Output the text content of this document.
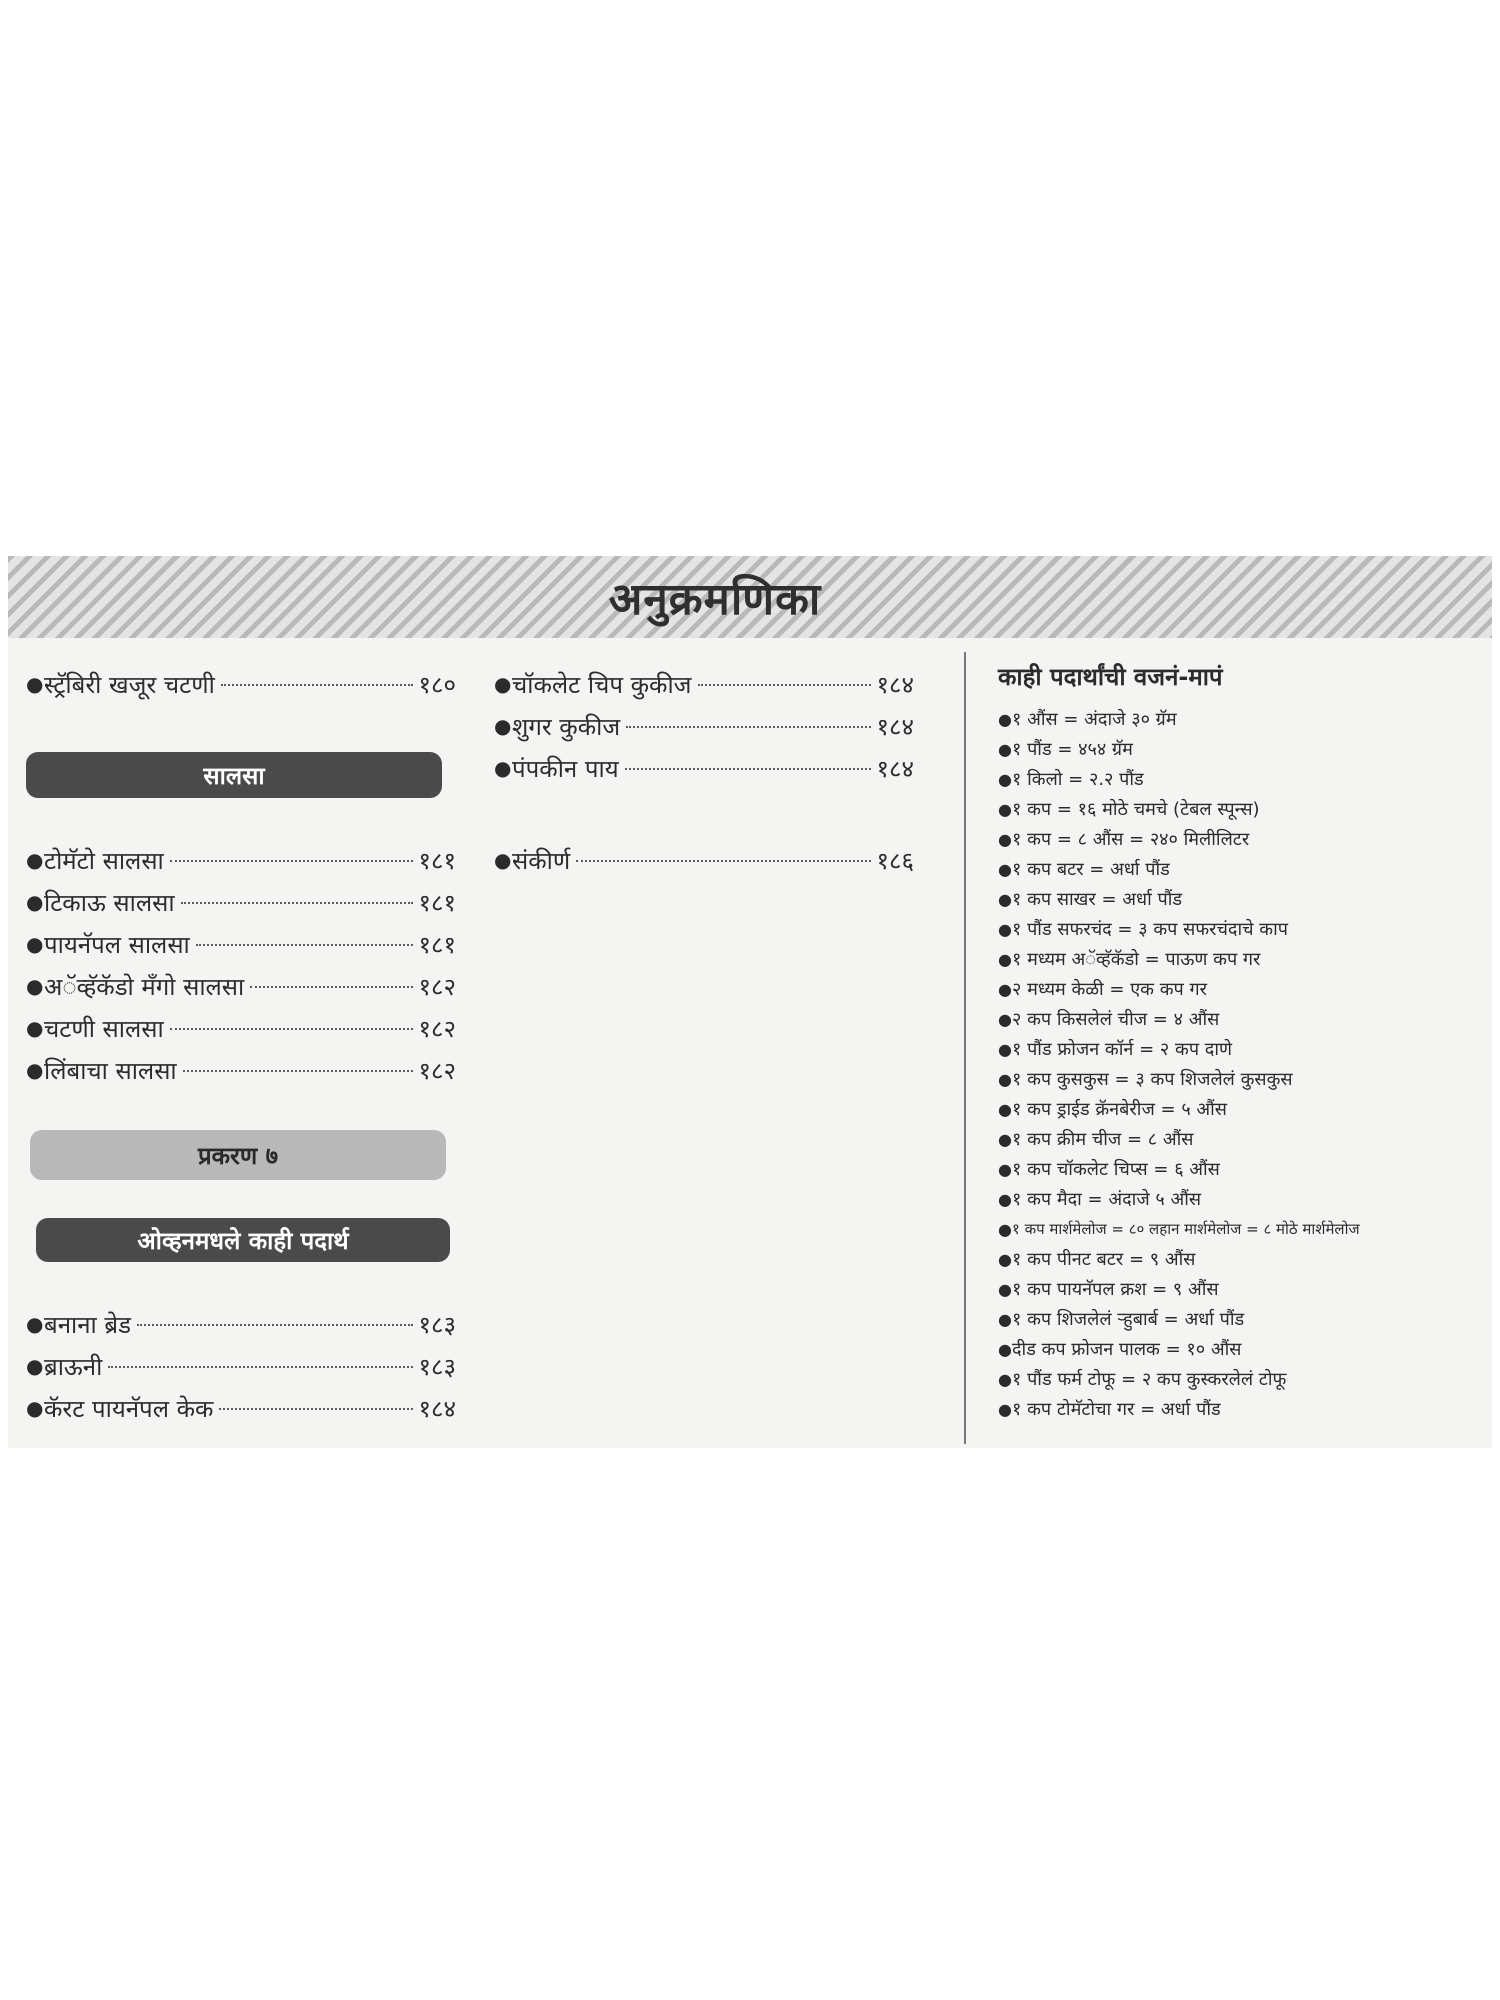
अनुक्रमणिका
● स्ट्रॅबिरी खजूर चटणी	१८०
सालसा
● टोमॅटो सालसा	१८१
● टिकाऊ सालसा	१८१
● पायनॅपल सालसा	१८१
● अॅव्हॅकॅडो मॅंगो सालसा	१८२
● चटणी सालसा	१८२
● लिंबाचा सालसा	१८२
प्रकरण ७
ओव्हनमधले काही पदार्थ
● बनाना ब्रेड	१८३
● ब्राऊनी	१८३
● कॅरट पायनॅपल केक	१८४
● चॉकलेट चिप कुकीज	१८४
● शुगर कुकीज	१८४
● पंपकीन पाय	१८४
● संकीर्ण	१८६
काही पदार्थांची वजनं-मापं
● १ औंस = अंदाजे ३० ग्रॅम
● १ पौंड = ४५४ ग्रॅम
● १ किलो = २.२ पौंड
● १ कप = १६ मोठे चमचे (टेबल स्पून्स)
● १ कप = ८ औंस = २४० मिलीलिटर
● १ कप बटर = अर्धा पौंड
● १ कप साखर = अर्धा पौंड
● १ पौंड सफरचंद = ३ कप सफरचंदाचे काप
● १ मध्यम अॅव्हॅकॅडो = पाऊण कप गर
● २ मध्यम केळी = एक कप गर
● २ कप किसलेलं चीज = ४ औंस
● १ पौंड फ्रोजन कॉर्न = २ कप दाणे
● १ कप कुसकुस = ३ कप शिजलेलं कुसकुस
● १ कप ड्राईड क्रॅनबेरीज = ५ औंस
● १ कप क्रीम चीज = ८ औंस
● १ कप चॉकलेट चिप्स = ६ औंस
● १ कप मैदा = अंदाजे ५ औंस
● १ कप मार्शमेलोज = ८० लहान मार्शमेलोज = ८ मोठे मार्शमेलोज
● १ कप पीनट बटर = ९ औंस
● १ कप पायनॅपल क्रश = ९ औंस
● १ कप शिजलेलं ऱ्हुबार्ब = अर्धा पौंड
● दीड कप फ्रोजन पालक = १० औंस
● १ पौंड फर्म टोफू = २ कप कुस्करलेलं टोफू
● १ कप टोमॅटोचा गर = अर्धा पौंड
